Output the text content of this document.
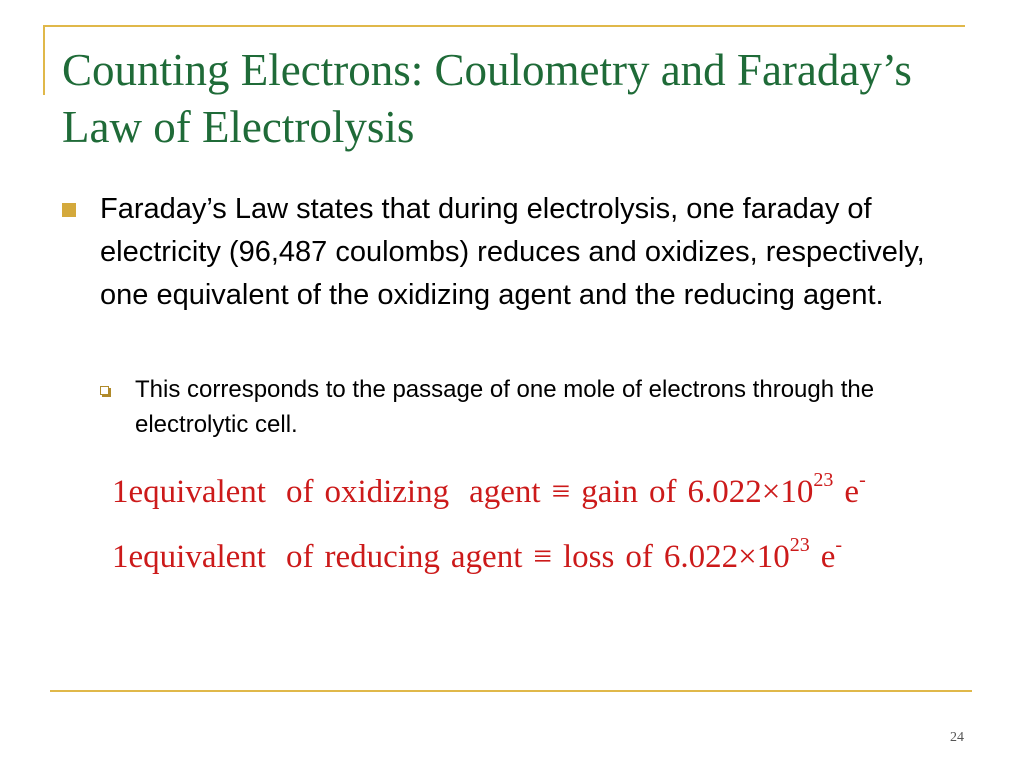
Counting Electrons: Coulometry and Faraday’s Law of Electrolysis
Faraday’s Law states that during electrolysis, one faraday of electricity (96,487 coulombs) reduces and oxidizes, respectively, one equivalent of the oxidizing agent and the reducing agent.
This corresponds to the passage of one mole of electrons through the electrolytic cell.
1equivalent of oxidizing agent ≡ gain of $6.022\times 10^{23}$ e-
1equivalent of reducing agent ≡ loss of $6.022\times 10^{23}$ e-
24
